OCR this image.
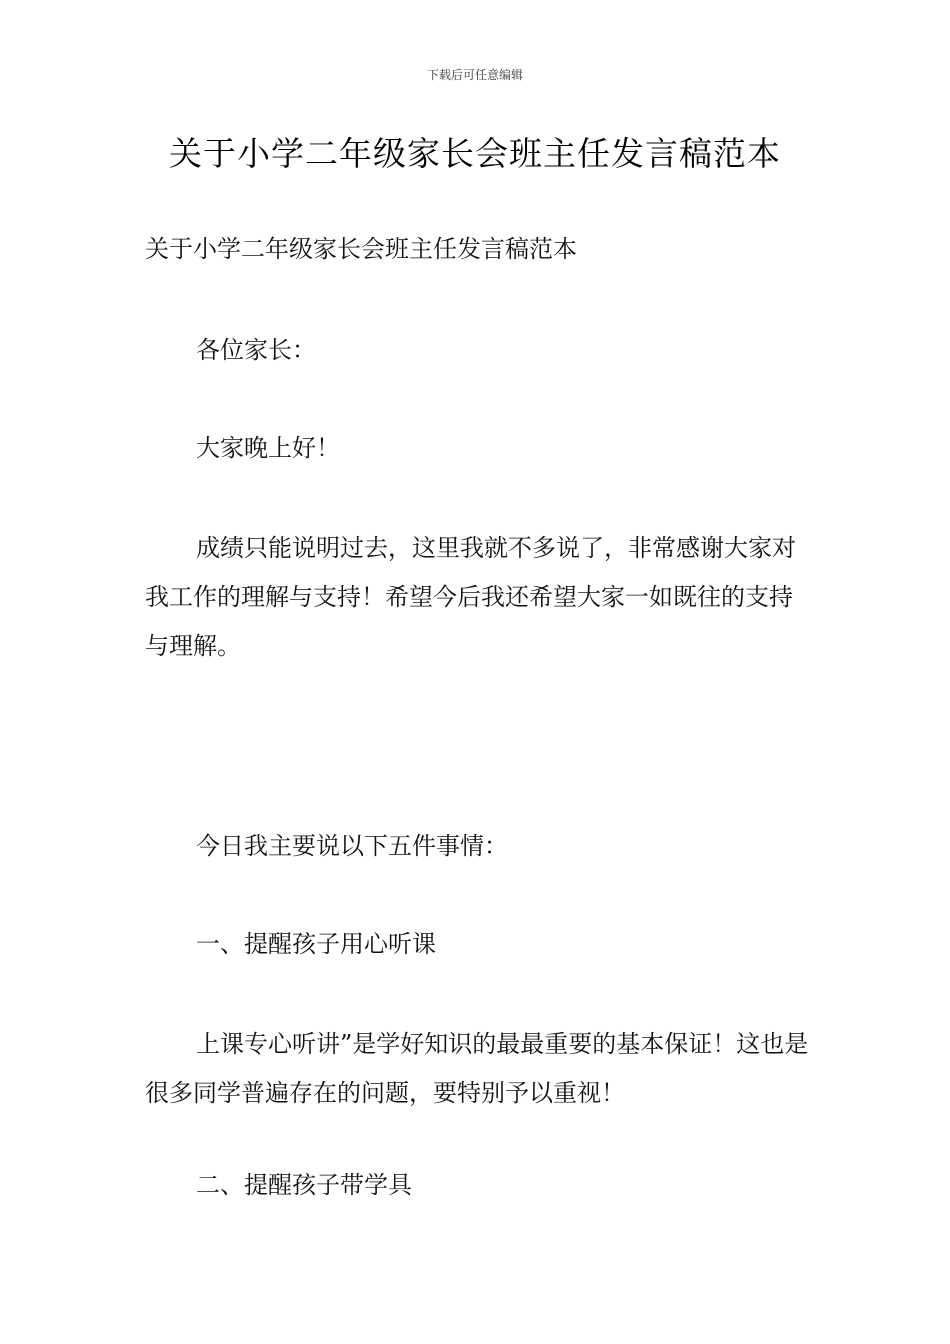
下载后可任意编辑
关于小学二年级家长会班主任发言稿范本

关于小学二年级家长会班主任发言稿范本

各位家长：

大家晚上好！

成绩只能说明过去，这里我就不多说了，非常感谢大家对我工作的理解与支持！希望今后我还希望大家一如既往的支持与理解。

今日我主要说以下五件事情：

一、提醒孩子用心听课

上课专心听讲”是学好知识的最最重要的基本保证！这也是很多同学普遍存在的问题，要特别予以重视！

二、提醒孩子带学具
